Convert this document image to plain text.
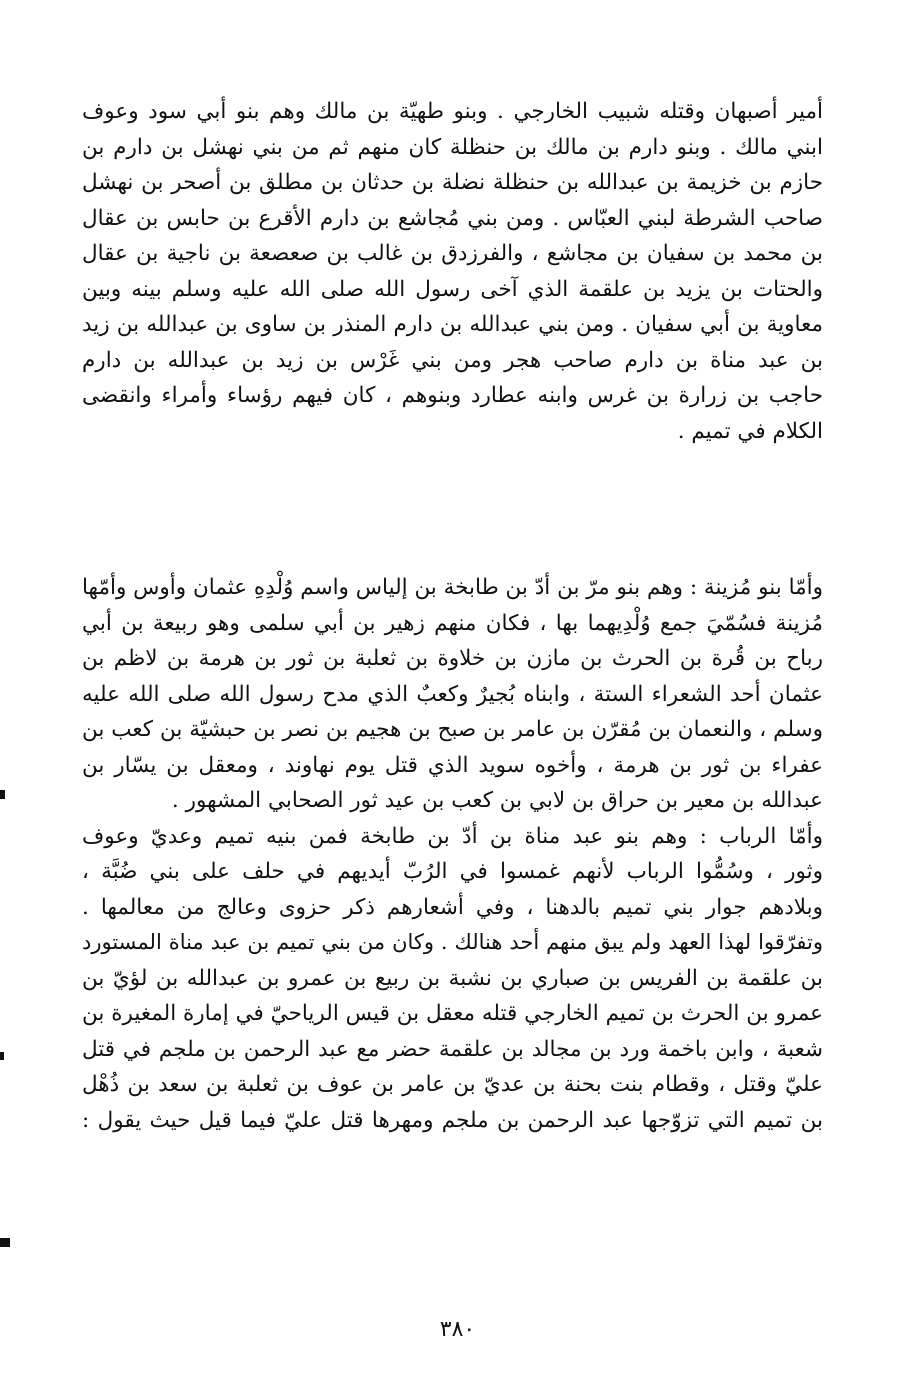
أمير أصبهان وقتله شبيب الخارجي . وبنو طهيّة بن مالك وهم بنو أبي سود وعوف
ابني مالك . وبنو دارم بن مالك بن حنظلة كان منهم ثم من بني نهشل بن دارم بن
حازم بن خزيمة بن عبدالله بن حنظلة نضلة بن حدثان بن مطلق بن أصحر بن نهشل
صاحب الشرطة لبني العبّاس . ومن بني مُجاشع بن دارم الأقرع بن حابس بن عقال
بن محمد بن سفيان بن مجاشع ، والفرزدق بن غالب بن صعصعة بن ناجية بن عقال
والحتات بن يزيد بن علقمة الذي آخى رسول الله صلى الله عليه وسلم بينه وبين
معاوية بن أبي سفيان . ومن بني عبدالله بن دارم المنذر بن ساوى بن عبدالله بن زيد
بن عبد مناة بن دارم صاحب هجر ومن بني غَرْس بن زيد بن عبدالله بن دارم
حاجب بن زرارة بن غرس وابنه عطارد وبنوهم ، كان فيهم رؤساء وأمراء وانقضى
الكلام في تميم .
وأمّا بنو مُزينة : وهم بنو مرّ بن أدّ بن طابخة بن إلياس واسم وُلْدِهِ عثمان وأوس وأمّها
مُزينة فسُمّيَ جمع وُلْدِيهما بها ، فكان منهم زهير بن أبي سلمى وهو ربيعة بن أبي
رباح بن قُرة بن الحرث بن مازن بن خلاوة بن ثعلبة بن ثور بن هرمة بن لاظم بن
عثمان أحد الشعراء الستة ، وابناه بُجيرٌ وكعبٌ الذي مدح رسول الله صلى الله عليه
وسلم ، والنعمان بن مُقرّن بن عامر بن صبح بن هجيم بن نصر بن حبشيّة بن كعب بن
عفراء بن ثور بن هرمة ، وأخوه سويد الذي قتل يوم نهاوند ، ومعقل بن يسّار بن
عبدالله بن معير بن حراق بن لابي بن كعب بن عيد ثور الصحابي المشهور .
وأمّا الرباب : وهم بنو عبد مناة بن أدّ بن طابخة فمن بنيه تميم وعديّ وعوف
وثور ، وسُمُّوا الرباب لأنهم غمسوا في الرُبّ أيديهم في حلف على بني ضُبَّة ،
وبلادهم جوار بني تميم بالدهنا ، وفي أشعارهم ذكر حزوى وعالج من معالمها .
وتفرّقوا لهذا العهد ولم يبق منهم أحد هنالك . وكان من بني تميم بن عبد مناة المستورد
بن علقمة بن الفريس بن صباري بن نشبة بن ربيع بن عمرو بن عبدالله بن لؤيّ بن
عمرو بن الحرث بن تميم الخارجي قتله معقل بن قيس الرياحيّ في إمارة المغيرة بن
شعبة ، وابن باخمة ورد بن مجالد بن علقمة حضر مع عبد الرحمن بن ملجم في قتل
عليّ وقتل ، وقطام بنت بحنة بن عديّ بن عامر بن عوف بن ثعلبة بن سعد بن ذُهْل
بن تميم التي تزوّجها عبد الرحمن بن ملجم ومهرها قتل عليّ فيما قيل حيث يقول :
٣٨٠
